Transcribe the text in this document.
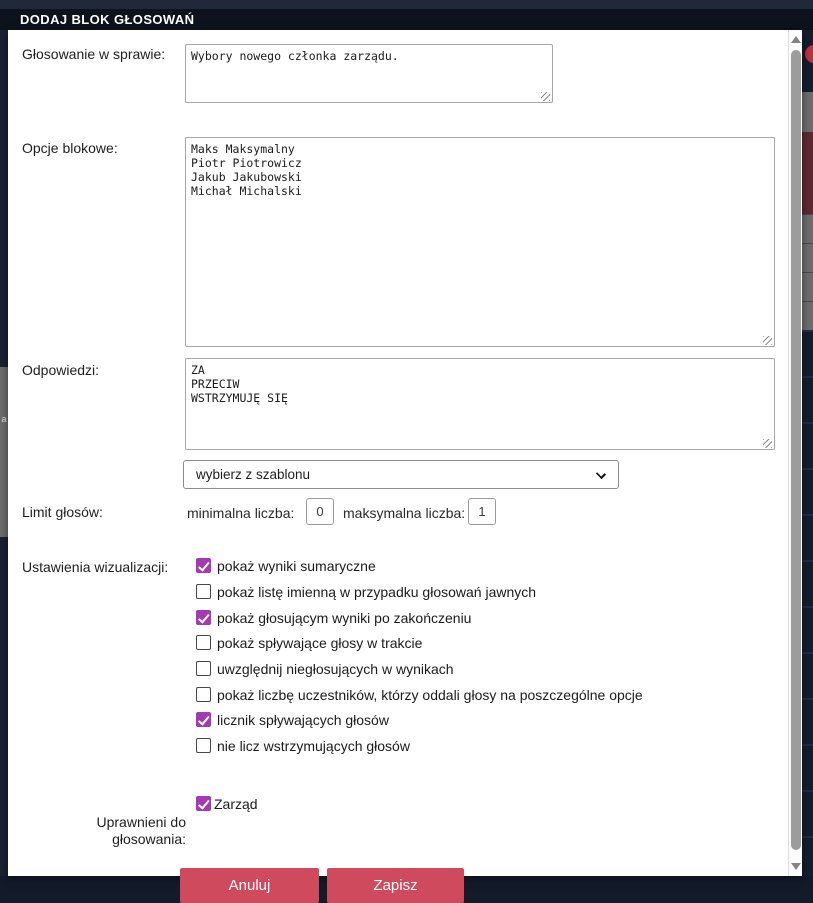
DODAJ BLOK GŁOSOWAŃ
a
Głosowanie w sprawie:
Wybory nowego członka zarządu.
Opcje blokowe:
Maks Maksymalny Piotr Piotrowicz Jakub Jakubowski Michał Michalski
Odpowiedzi:
ZA PRZECIW WSTRZYMUJĘ SIĘ
wybierz z szablonu
Limit głosów:	minimalna liczba:
0	maksymalna liczba:
1
Ustawienia wizualizacji:	pokaż wyniki sumaryczne
pokaż listę imienną w przypadku głosowań jawnych
pokaż głosującym wyniki po zakończeniu
pokaż spływające głosy w trakcie
uwzględnij niegłosujących w wynikach
pokaż liczbę uczestników, którzy oddali głosy na poszczególne opcje
licznik spływających głosów
nie licz wstrzymujących głosów
Uprawnieni do głosowania:
Zarząd
Anuluj	Zapisz
